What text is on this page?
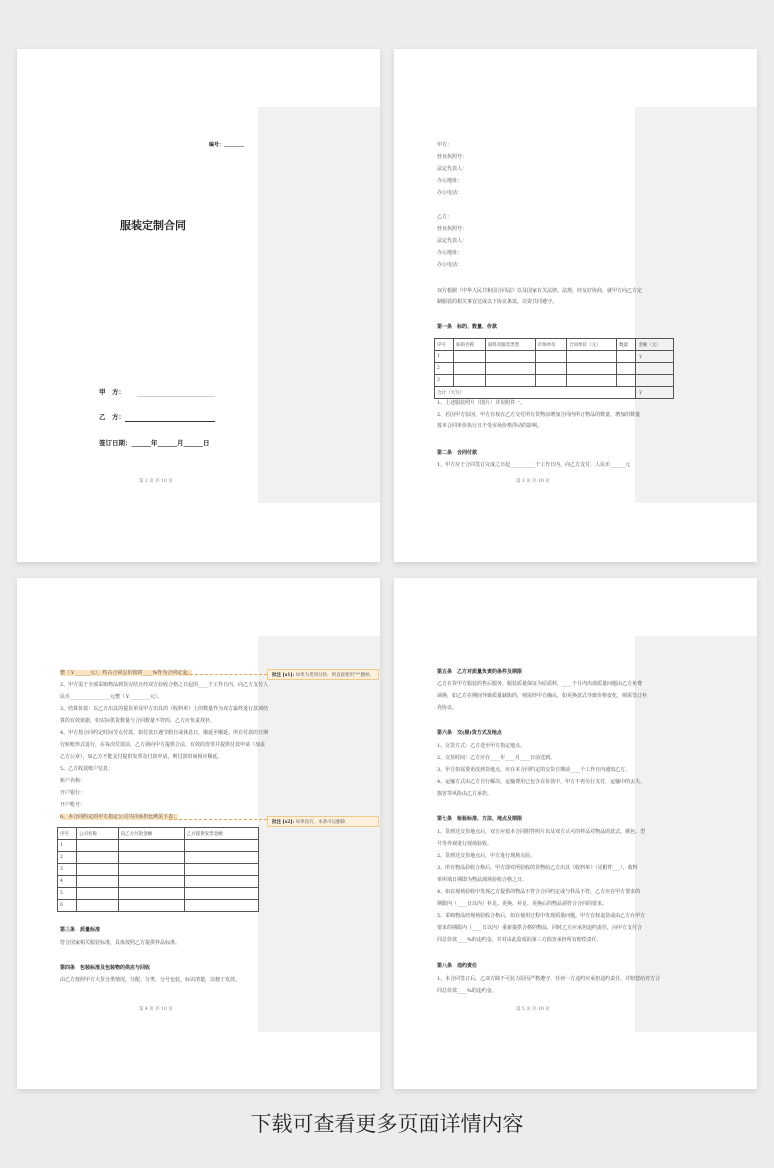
编号：________
服装定制合同
甲　方：
乙　方：
签订日期：______年______月______日
第 2 页 共 10 页
甲方：
营业执照号：
法定代表人：
办公地址：
办公电话：
乙方：
营业执照号：
法定代表人：
办公地址：
办公电话：
双方根据《中华人民共和国合同法》以及国家有关法律、法规，经友好协商，就甲方向乙方定
制服装的相关事宜达成以下协议条款，以资共同遵守。
第一条　标的、数量、价款
序号	标的名称	面料及服装类型	市场单价	合同单价（元）	数量	金额（元）
1						￥
2						
3						
合计（大写）：						￥
1、上述服装照片（图片）详见附件一。
2、若因甲方原因，甲方有权在乙方交付所有货物前增加合同内所订物品的数量，增加的数量
按本合同单价执行且不受市场价格浮动的影响。
第二条　合同付款
1、甲方应于合同签订完成之日起__________个工作日内，向乙方支付，人民币______元
第 3 页 共 10 页
整（￥______元），约占合同总价款的____%作为合同定金。
2、甲方需于全部采购物品到货完结且经双方验收合格之日起的____个工作日内，向乙方支付人
民币________________元整（￥________元）。
3、结算价款：以乙方出具的提货单及甲方出具的《收料单》上的数量作为双方最终进行款项结
算的有效依据，如实际供货数量与合同数量不符的，乙方应负责找补。
4、甲方按合同约定时间节点付款，如付款日遇节假日或休息日，顺延至顺延。所有付款的日期
行转账形式进行，在每次付款前，乙方须向甲方提供合法、有效的发票并提供付款申请（加盖
乙方公章），如乙方不能支付提供发票及付款申请，则付款时间相应顺延。
5、乙方收款账户信息：
账户名称：
开户银行：
开户账号：
6、本合同约定的甲方指定公司共同承担比例见下表：
批注 [s1]: 如果为货到付款，则直接使用"*"删掉。
批注 [s2]: 如果没有，本条可以删除
序号	公司名称	向乙方付款金额	乙方提供发票金额
1			
2			
3			
4			
5			
6			
第三条　质量标准
符合国家相关服装标准，具体按照乙方提供样品标准。
第四条　包装标准及包装物的供应与回收
由乙方按照甲方大货分类情况，分配、分类、分号包装，标识清楚，以便于发放。
第 4 页 共 10 页
第五条　乙方对质量负责的条件及期限
乙方在货甲方服装的售后服务，服装质量保证为原质料，____个月内出现质量问题由乙方免费
调换，如乙方在期间导致质量缺陷的，则需经甲方确认，如更换款式导致价格变化，则需签订补
充协议。
第六条　交(提)货方式及地点
1、交货方式：乙方送至甲方指定地点。
2、交货时间：乙方应在____年____月____日前送到。
3、甲方如需要更改到货地点，应在本合同约定的交货日期前____个工作日内通知乙方。
4、运输方式由乙方自行解决，运输费用已包含在价款中，甲方不再另行支付，运输中的丢失、
损害等风险由乙方承担。
第七条　检验标准、方法、地点及期限
1、货到达交货地点后，双方应按本合同附件照片以及双方认可的样品对物品的款式、颜色、型
号等外观进行现场验收。
2、货到达交货地点后，甲方进行现场点验。
3、所有物品验收合格后，甲方即对所验收的货物给乙方出具《收料单》（见附件___），收料
单所填日期即为物品现场验收合格之日。
4、如在现场验收中发现乙方提供的物品不符合合同约定或与样品不符，乙方应在甲方要求的
期限内（____日以内）补足、更换、补足、更换后的物品须符合合同的要求。
5、采购物品经现场验收合格后，如在使用过程中发现质量问题，甲方有权退货或由乙方在甲方
要求的期限内（____日以内）重新提供合格的物品，同时乙方应承担违约责任，向甲方支付合
同总价款____%的违约金，并对由此造成的第三方损害承担所有赔偿责任。
第八条　违约责任
1、本合同签订后，乙双方除不可抗力原因严格遵守，任何一方违约应承担违约责任，并赔偿给对方合
同总价款____%的违约金。
第 5 页 共 10 页
下载可查看更多页面详情内容
